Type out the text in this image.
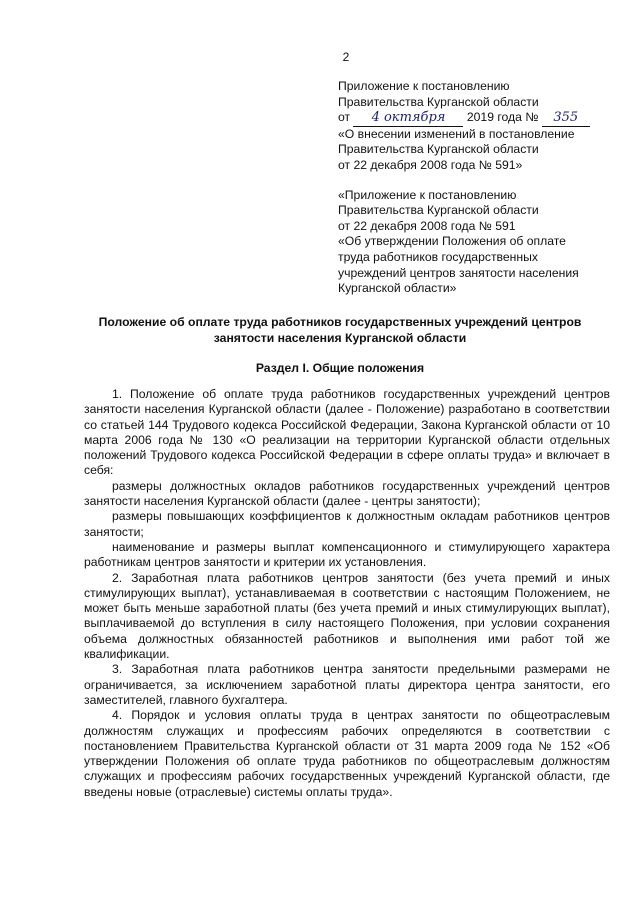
2
Приложение к постановлению
Правительства Курганской области
от 4 октября 2019 года № 355
«О внесении изменений в постановление
Правительства Курганской области
от 22 декабря 2008 года № 591»
«Приложение к постановлению
Правительства Курганской области
от 22 декабря 2008 года № 591
«Об утверждении Положения об оплате
труда работников государственных
учреждений центров занятости населения
Курганской области»
Положение об оплате труда работников государственных учреждений центров
занятости населения Курганской области
Раздел I. Общие положения

1. Положение об оплате труда работников государственных учреждений центров занятости населения Курганской области (далее - Положение) разработано в соответствии со статьей 144 Трудового кодекса Российской Федерации, Закона Курганской области от 10 марта 2006 года № 130 «О реализации на территории Курганской области отдельных положений Трудового кодекса Российской Федерации в сфере оплаты труда» и включает в себя:

размеры должностных окладов работников государственных учреждений центров занятости населения Курганской области (далее - центры занятости);

размеры повышающих коэффициентов к должностным окладам работников центров занятости;

наименование и размеры выплат компенсационного и стимулирующего характера работникам центров занятости и критерии их установления.

2. Заработная плата работников центров занятости (без учета премий и иных стимулирующих выплат), устанавливаемая в соответствии с настоящим Положением, не может быть меньше заработной платы (без учета премий и иных стимулирующих выплат), выплачиваемой до вступления в силу настоящего Положения, при условии сохранения объема должностных обязанностей работников и выполнения ими работ той же квалификации.

3. Заработная плата работников центра занятости предельными размерами не ограничивается, за исключением заработной платы директора центра занятости, его заместителей, главного бухгалтера.

4. Порядок и условия оплаты труда в центрах занятости по общеотраслевым должностям служащих и профессиям рабочих определяются в соответствии с постановлением Правительства Курганской области от 31 марта 2009 года № 152 «Об утверждении Положения об оплате труда работников по общеотраслевым должностям служащих и профессиям рабочих государственных учреждений Курганской области, где введены новые (отраслевые) системы оплаты труда».
